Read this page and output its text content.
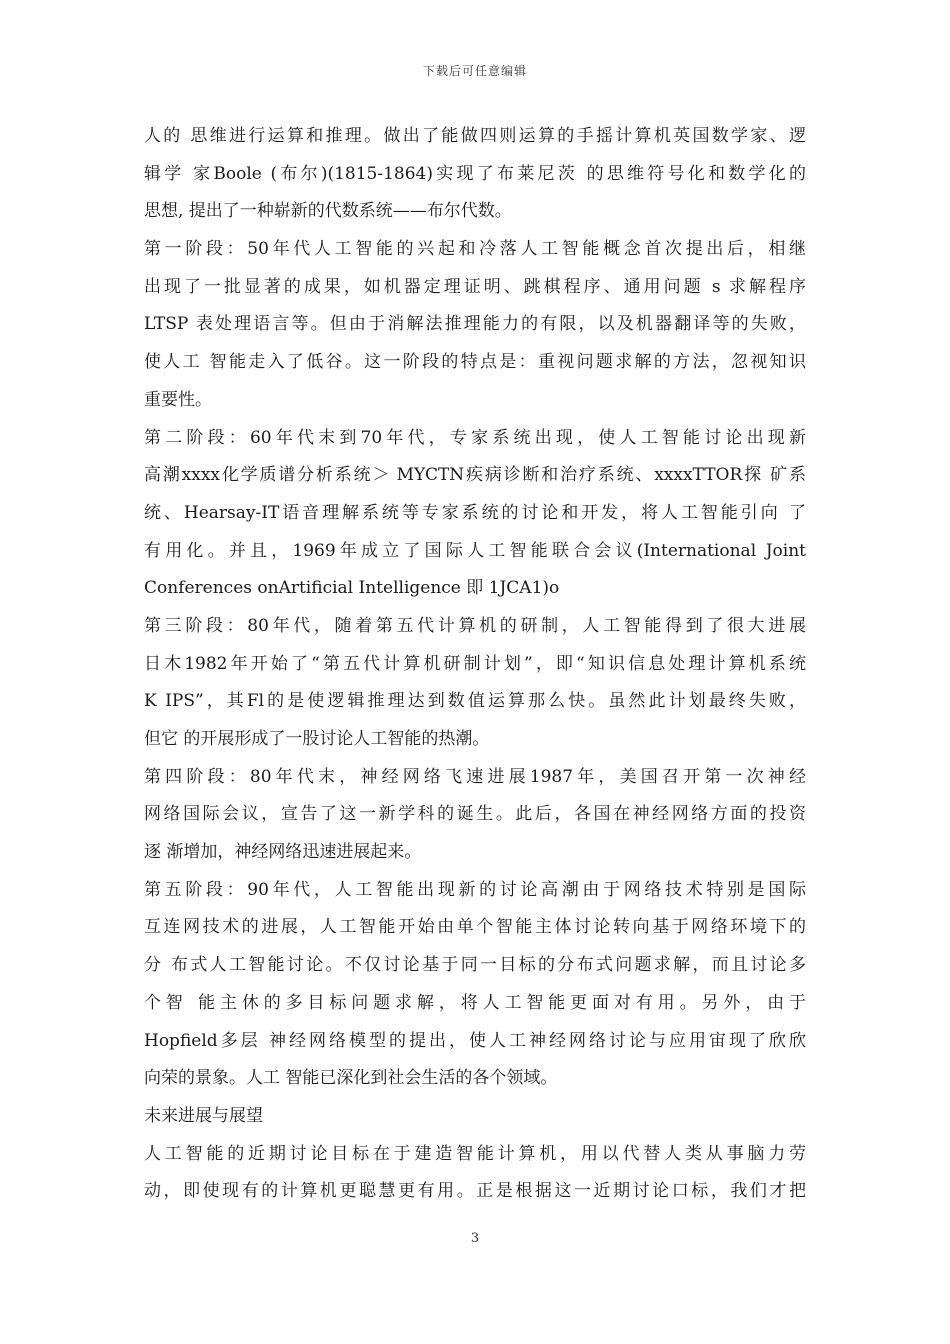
下载后可任意编辑
人的 思维进行运算和推理。做出了能做四则运算的手摇计算机英国数学家、逻
辑学 家Boole (布尔)(1815-1864)实现了布莱尼茨 的思维符号化和数学化的
思想, 提出了一种崭新的代数系统——布尔代数。
第一阶段：50年代人工智能的兴起和冷落人工智能概念首次提出后，相继
出现了一批显著的成果，如机器定理证明、跳棋程序、通用问题 s 求解程序
LTSP 表处理语言等。但由于消解法推理能力的有限，以及机器翻译等的失败，
使人工 智能走入了低谷。这一阶段的特点是：重视问题求解的方法，忽视知识
重要性。
第二阶段：60年代末到70年代，专家系统出现，使人工智能讨论出现新
高潮xxxx化学质谱分析系统＞ MYCTN疾病诊断和治疗系统、xxxxTTOR探 矿系
统、Hearsay-IT语音理解系统等专家系统的讨论和开发，将人工智能引向 了
有用化。并且，1969年成立了国际人工智能联合会议(International Joint
Conferences onArtificial Intelligence 即 1JCA1)o
第三阶段：80年代，随着第五代计算机的研制，人工智能得到了很大进展
日木1982年开始了“第五代计算机研制计划”，即“知识信息处理计算机系统
K IPS”，其Fl的是使逻辑推理达到数值运算那么快。虽然此计划最终失败，
但它 的开展形成了一股讨论人工智能的热潮。
第四阶段：80年代末，神经网络飞速进展1987年，美国召开第一次神经
网络国际会议，宣告了这一新学科的诞生。此后，各国在神经网络方面的投资
逐 渐增加，神经网络迅速进展起来。
第五阶段：90年代，人工智能出现新的讨论高潮由于网络技术特别是国际
互连网技术的进展，人工智能开始由单个智能主体讨论转向基于网络环境下的
分 布式人工智能讨论。不仅讨论基于同一目标的分布式问题求解，而且讨论多
个智 能主休的多目标问题求解，将人工智能更面对有用。另外，由于
Hopfield多层 神经网络模型的提出，使人工神经网络讨论与应用宙现了欣欣
向荣的景象。人工 智能已深化到社会生活的各个领域。
未来进展与展望
人工智能的近期讨论目标在于建造智能计算机，用以代替人类从事脑力劳
动，即使现有的计算机更聪慧更有用。正是根据这一近期讨论口标，我们才把
3
